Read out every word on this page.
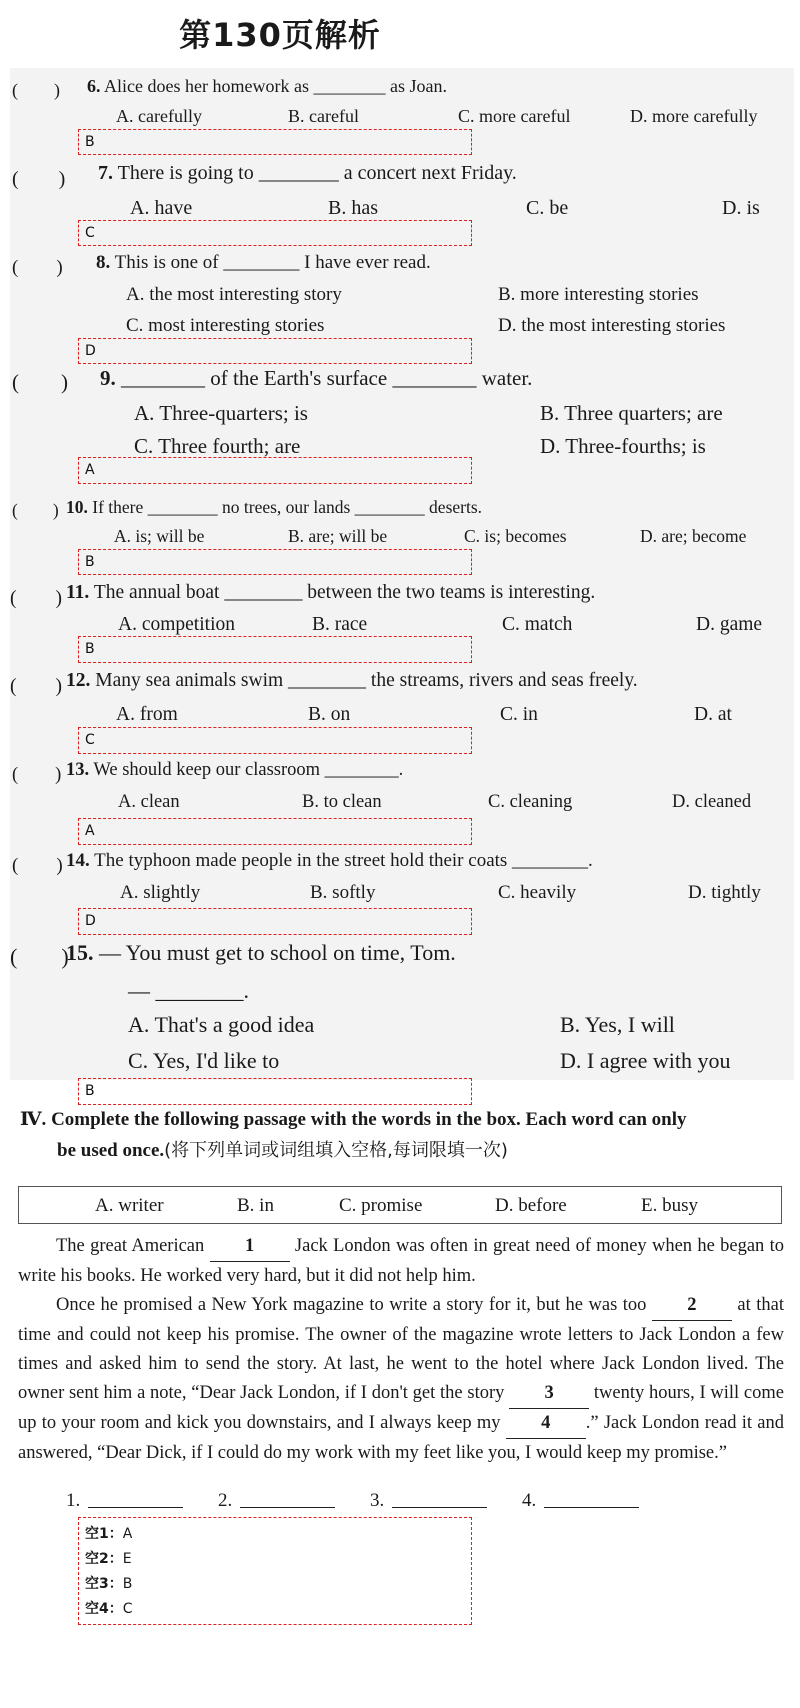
第130页解析
(　　) 6. Alice does her homework as ________ as Joan.
A. carefully	B. careful	C. more careful	D. more carefully
B
(　　) 7. There is going to ________ a concert next Friday.
A. have	B. has	C. be	D. is
C
(　　) 8. This is one of ________ I have ever read.
A. the most interesting story	B. more interesting stories
C. most interesting stories	D. the most interesting stories
D
(　　) 9. ________ of the Earth's surface ________ water.
A. Three-quarters; is	B. Three quarters; are
C. Three fourth; are	D. Three-fourths; is
A
(　　) 10. If there ________ no trees, our lands ________ deserts.
A. is; will be	B. are; will be	C. is; becomes	D. are; become
B
(　　) 11. The annual boat ________ between the two teams is interesting.
A. competition	B. race	C. match	D. game
B
(　　) 12. Many sea animals swim ________ the streams, rivers and seas freely.
A. from	B. on	C. in	D. at
C
(　　) 13. We should keep our classroom ________.
A. clean	B. to clean	C. cleaning	D. cleaned
A
(　　) 14. The typhoon made people in the street hold their coats ________.
A. slightly	B. softly	C. heavily	D. tightly
D
(　　)
15. — You must get to school on time, Tom.
— ________.
A. That's a good idea	B. Yes, I will
C. Yes, I'd like to	D. I agree with you
B
Ⅳ. Complete the following passage with the words in the box. Each word can only
be used once.(将下列单词或词组填入空格,每词限填一次)
A. writer	B. in	C. promise	D. before	E. busy

The great American 1 Jack London was often in great need of money when he began to write his books. He worked very hard, but it did not help him.

Once he promised a New York magazine to write a story for it, but he was too 2 at that time and could not keep his promise. The owner of the magazine wrote letters to Jack London a few times and asked him to send the story. At last, he went to the hotel where Jack London lived. The owner sent him a note, “Dear Jack London, if I don't get the story 3 twenty hours, I will come up to your room and kick you downstairs, and I always keep my 4 .” Jack London read it and answered, “Dear Dick, if I could do my work with my feet like you, I would keep my promise.”

1.	2.	3.	4.
空1：A
空2：E
空3：B
空4：C
